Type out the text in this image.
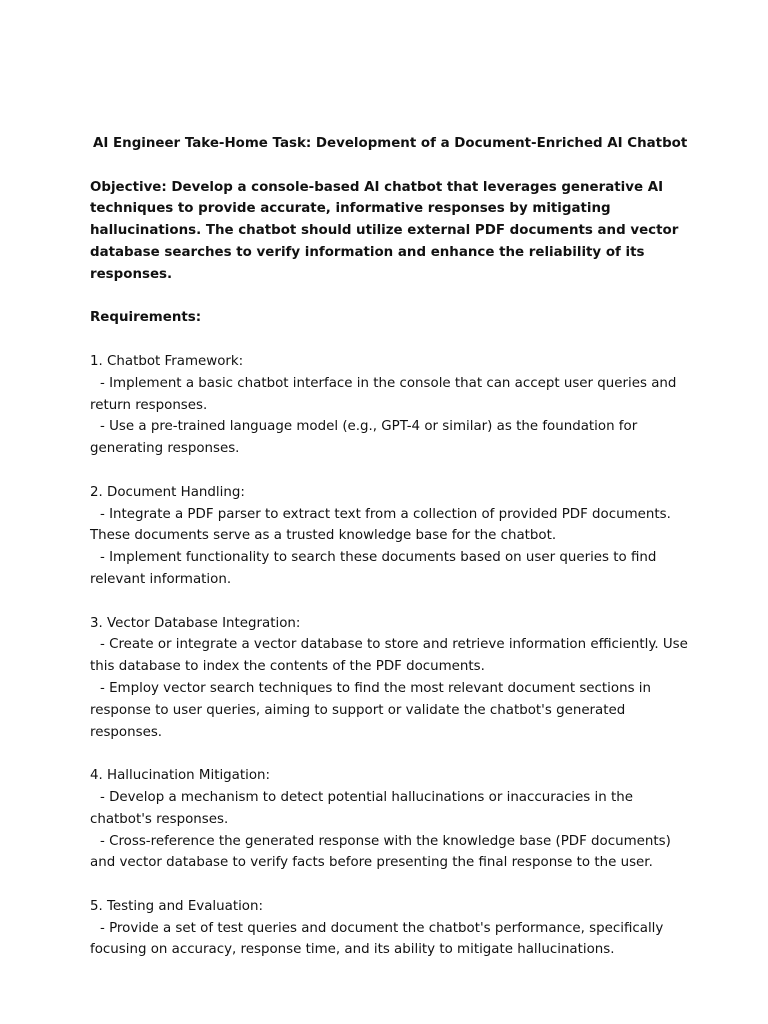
AI Engineer Take-Home Task: Development of a Document-Enriched AI Chatbot

Objective: Develop a console-based AI chatbot that leverages generative AI techniques to provide accurate, informative responses by mitigating hallucinations. The chatbot should utilize external PDF documents and vector database searches to verify information and enhance the reliability of its responses.

Requirements:

1. Chatbot Framework:

- Implement a basic chatbot interface in the console that can accept user queries and return responses.

- Use a pre-trained language model (e.g., GPT-4 or similar) as the foundation for generating responses.

2. Document Handling:

- Integrate a PDF parser to extract text from a collection of provided PDF documents. These documents serve as a trusted knowledge base for the chatbot.

- Implement functionality to search these documents based on user queries to find relevant information.

3. Vector Database Integration:

- Create or integrate a vector database to store and retrieve information efficiently. Use this database to index the contents of the PDF documents.

- Employ vector search techniques to find the most relevant document sections in response to user queries, aiming to support or validate the chatbot's generated responses.

4. Hallucination Mitigation:

- Develop a mechanism to detect potential hallucinations or inaccuracies in the chatbot's responses.

- Cross-reference the generated response with the knowledge base (PDF documents) and vector database to verify facts before presenting the final response to the user.

5. Testing and Evaluation:

- Provide a set of test queries and document the chatbot's performance, specifically focusing on accuracy, response time, and its ability to mitigate hallucinations.
